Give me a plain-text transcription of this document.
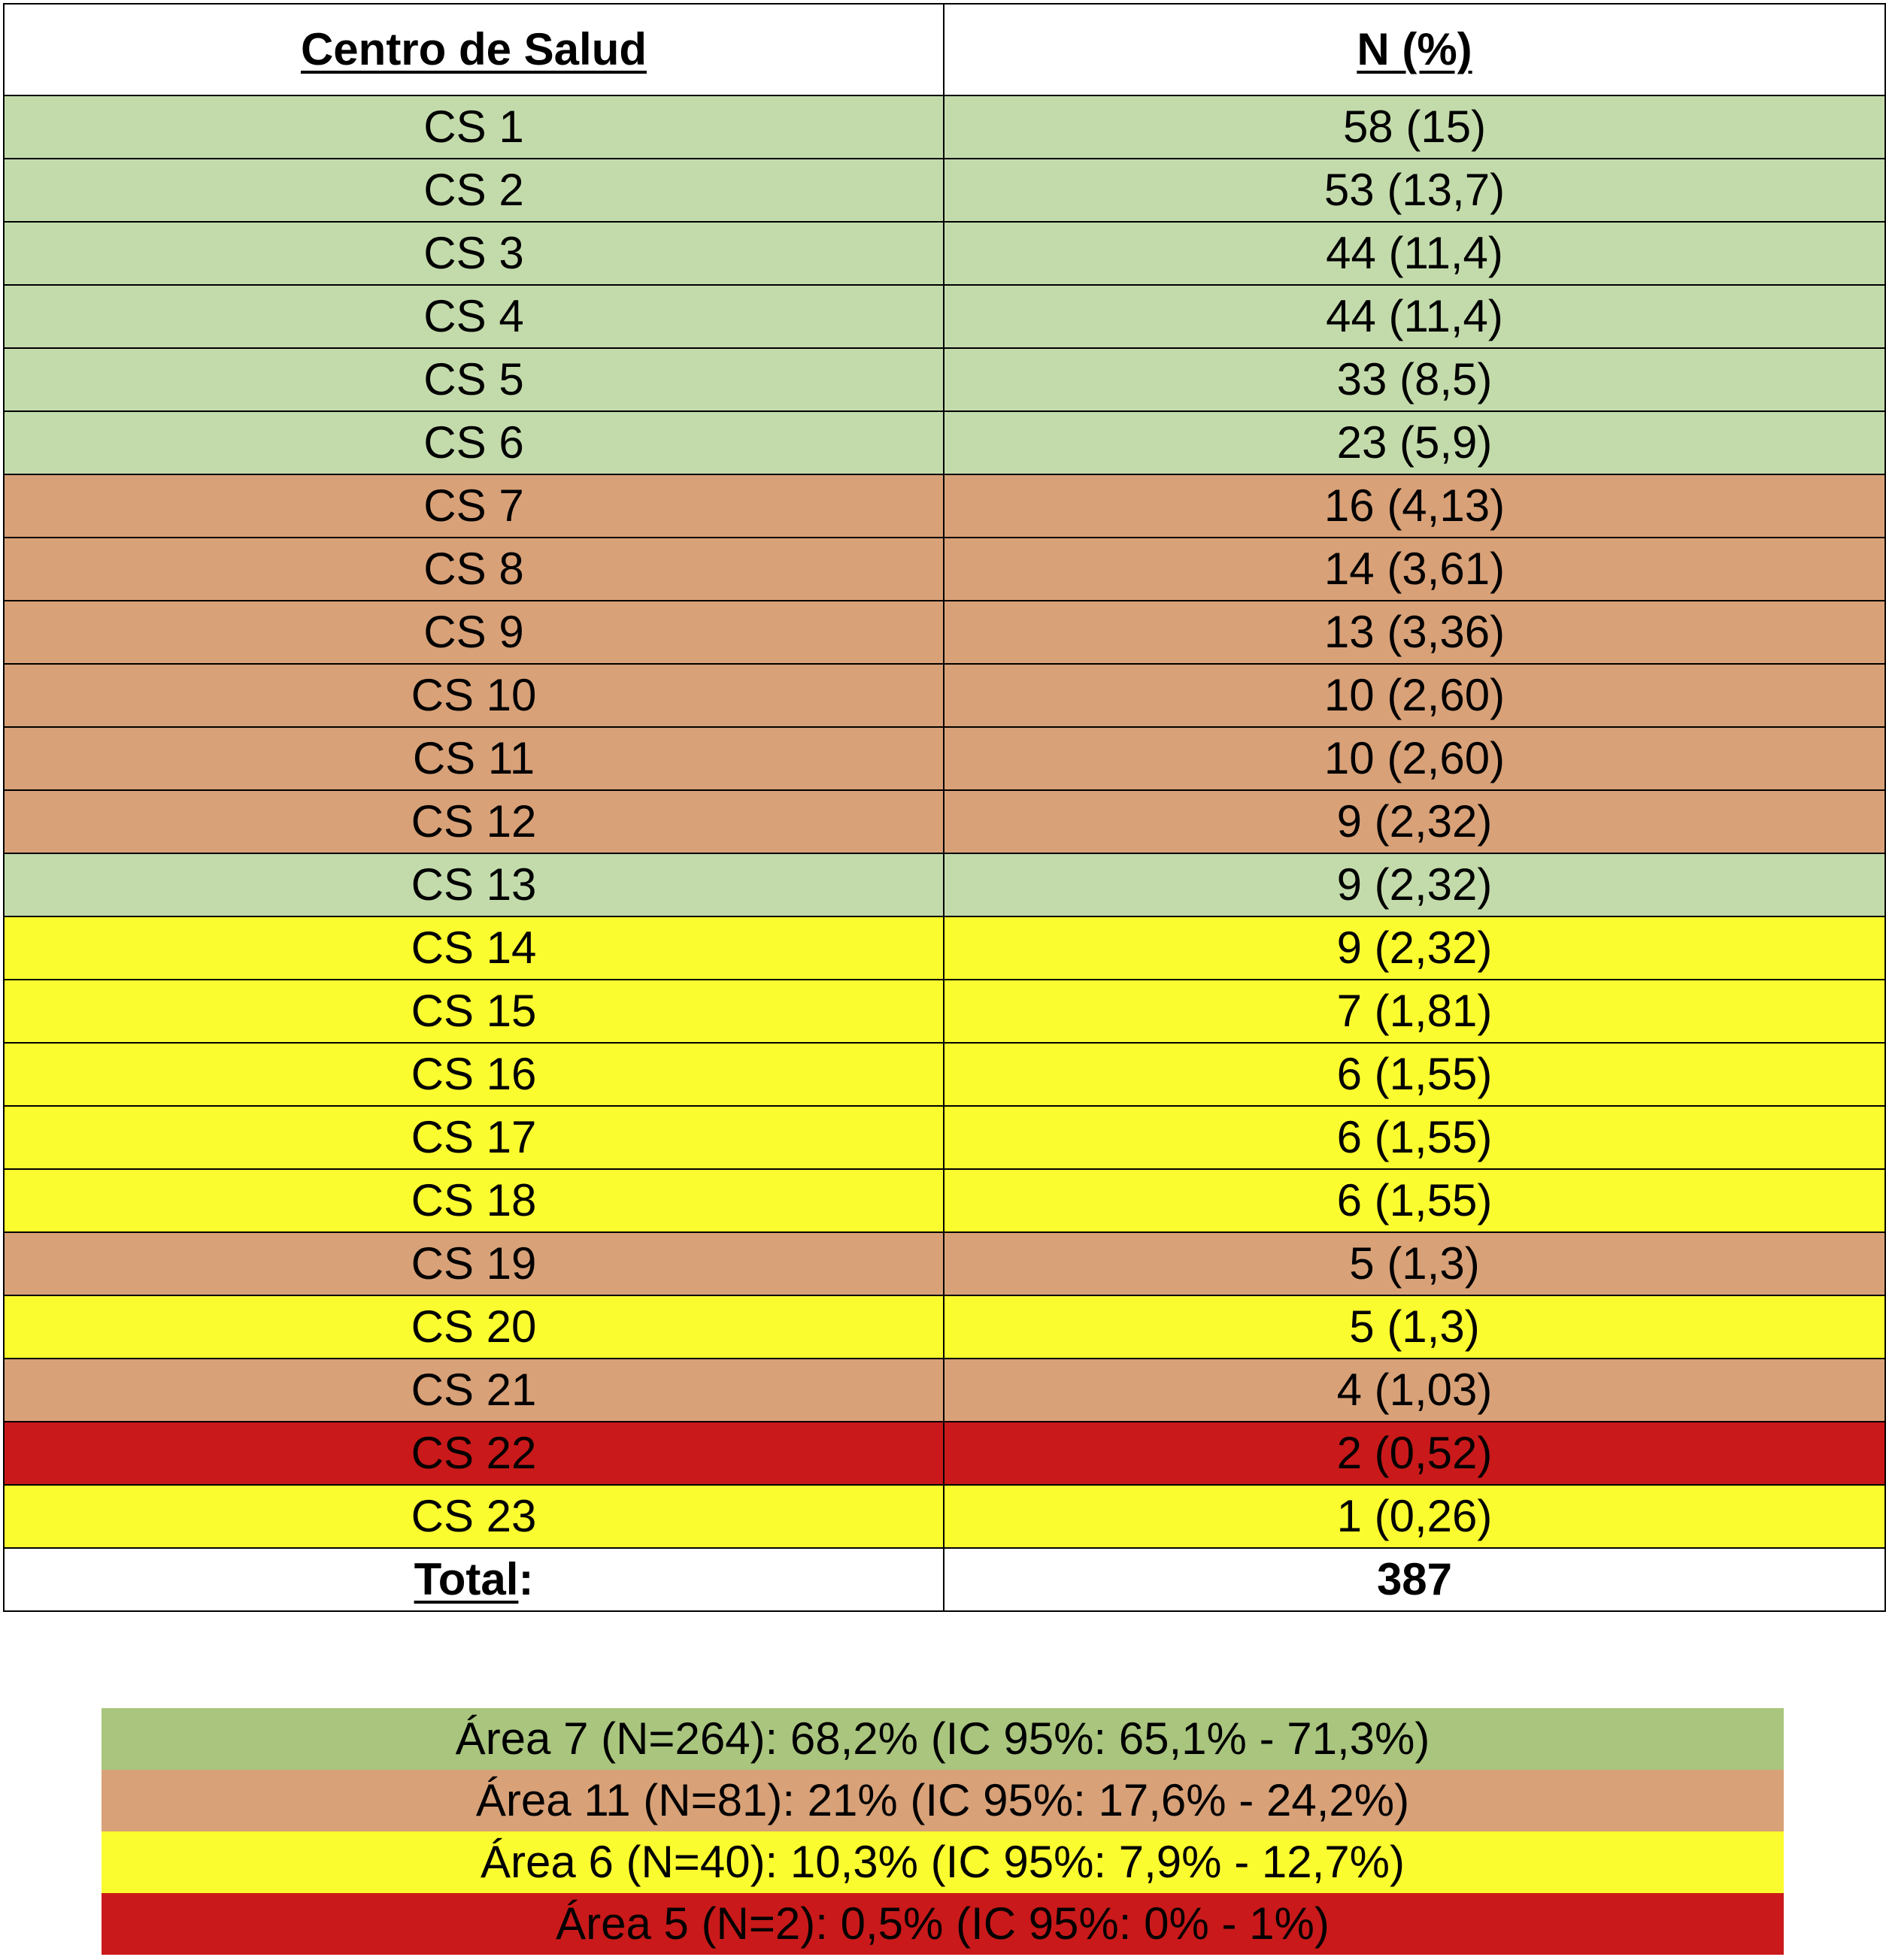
Centro de Salud	N (%)
CS 1	58 (15)
CS 2	53 (13,7)
CS 3	44 (11,4)
CS 4	44 (11,4)
CS 5	33 (8,5)
CS 6	23 (5,9)
CS 7	16 (4,13)
CS 8	14 (3,61)
CS 9	13 (3,36)
CS 10	10 (2,60)
CS 11	10 (2,60)
CS 12	9 (2,32)
CS 13	9 (2,32)
CS 14	9 (2,32)
CS 15	7 (1,81)
CS 16	6 (1,55)
CS 17	6 (1,55)
CS 18	6 (1,55)
CS 19	5 (1,3)
CS 20	5 (1,3)
CS 21	4 (1,03)
CS 22	2 (0,52)
CS 23	1 (0,26)
Total:	387
Área 7 (N=264): 68,2% (IC 95%: 65,1% - 71,3%)
Área 11 (N=81): 21% (IC 95%: 17,6% - 24,2%)
Área 6 (N=40): 10,3% (IC 95%: 7,9% - 12,7%)
Área 5 (N=2): 0,5% (IC 95%: 0% - 1%)
